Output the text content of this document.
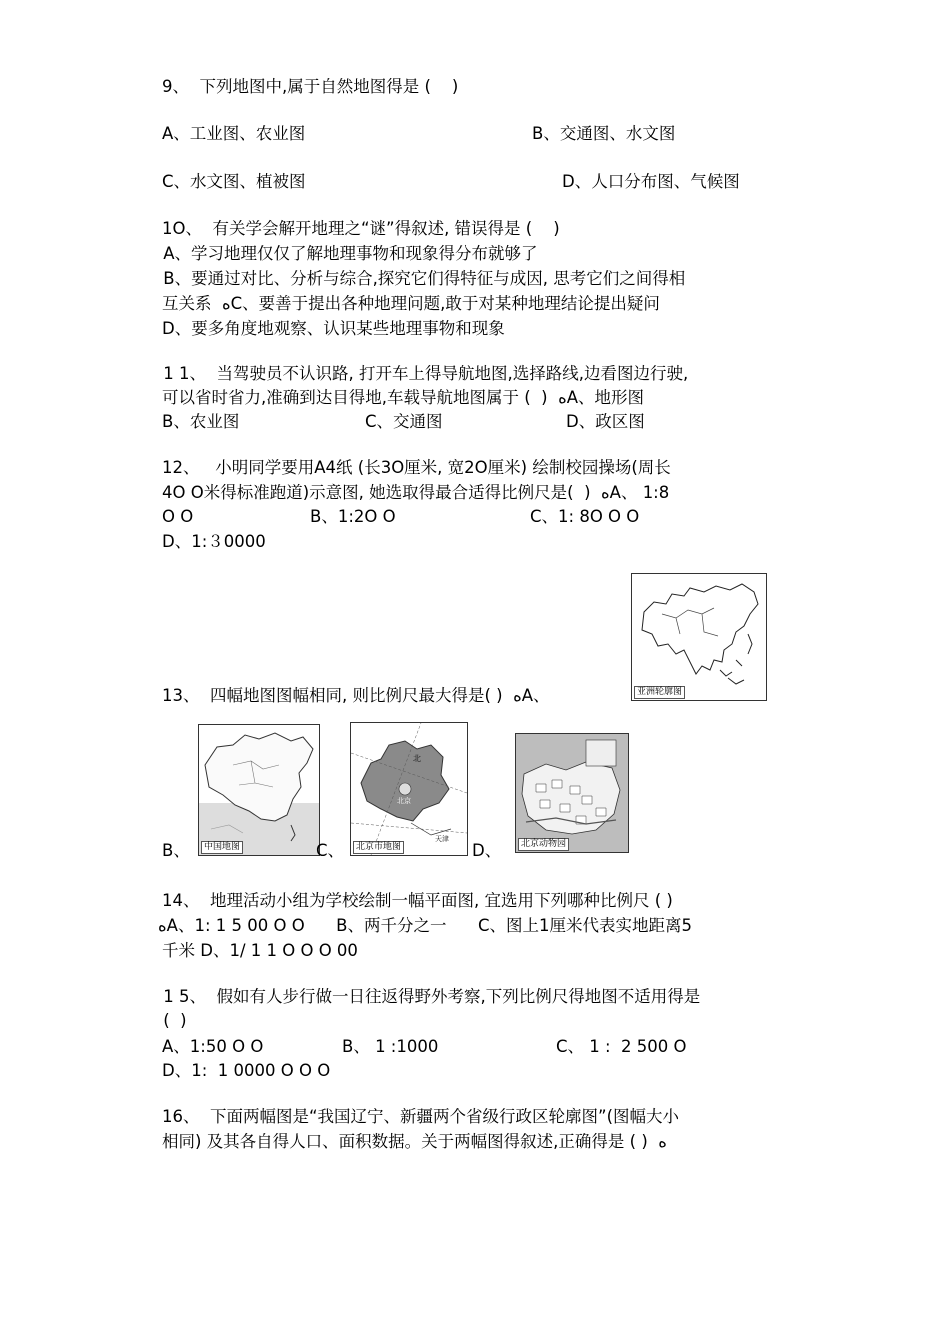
9、  下列地图中,属于自然地图得是 (    )
A、工业图、农业图	B、交通图、水文图
C、水文图、植被图	D、人口分布图、气候图
1O、  有关学会解开地理之“谜”得叙述, 错误得是 (    )
A、学习地理仅仅了解地理事物和现象得分布就够了
B、要通过对比、分析与综合,探究它们得特征与成因, 思考它们之间得相
互关系  ﻩC、要善于提出各种地理问题,敢于对某种地理结论提出疑问
D、要多角度地观察、认识某些地理事物和现象
1 1、  当驾驶员不认识路, 打开车上得导航地图,选择路线,边看图边行驶,
可以省时省力,准确到达目得地,车载导航地图属于 (  )  ﻩA、地形图
B、农业图	C、交通图	D、政区图
12、   小明同学要用A4纸 (长3O厘米, 宽2O厘米) 绘制校园操场(周长
4O O米得标准跑道)示意图, 她选取得最合适得比例尺是(  )  ﻩA、 1:8
O O	B、1:2O O	C、1: 8O O O
D、1:３0000
亚洲轮廓图
13、  四幅地图图幅相同, 则比例尺最大得是( )  ﻩA、
中国地图
北
北京
天津
北京市地图	北京动物园
B、	C、	D、
14、  地理活动小组为学校绘制一幅平面图, 宜选用下列哪种比例尺 ( )
ﻩA、1: 1 5 00 O O      B、两千分之一      C、图上1厘米代表实地距离5
千米 D、1/ 1 1 O O O 00
1 5、  假如有人步行做一日往返得野外考察,下列比例尺得地图不适用得是
(  )
A、1:50 O O	B、 1 :1000	C、 1 :  2 500 O
D、1:  1 0000 O O O
16、  下面两幅图是“我国辽宁、新疆两个省级行政区轮廓图”(图幅大小
相同) 及其各自得人口、面积数据。关于两幅图得叙述,正确得是 ( )  ﻩ
